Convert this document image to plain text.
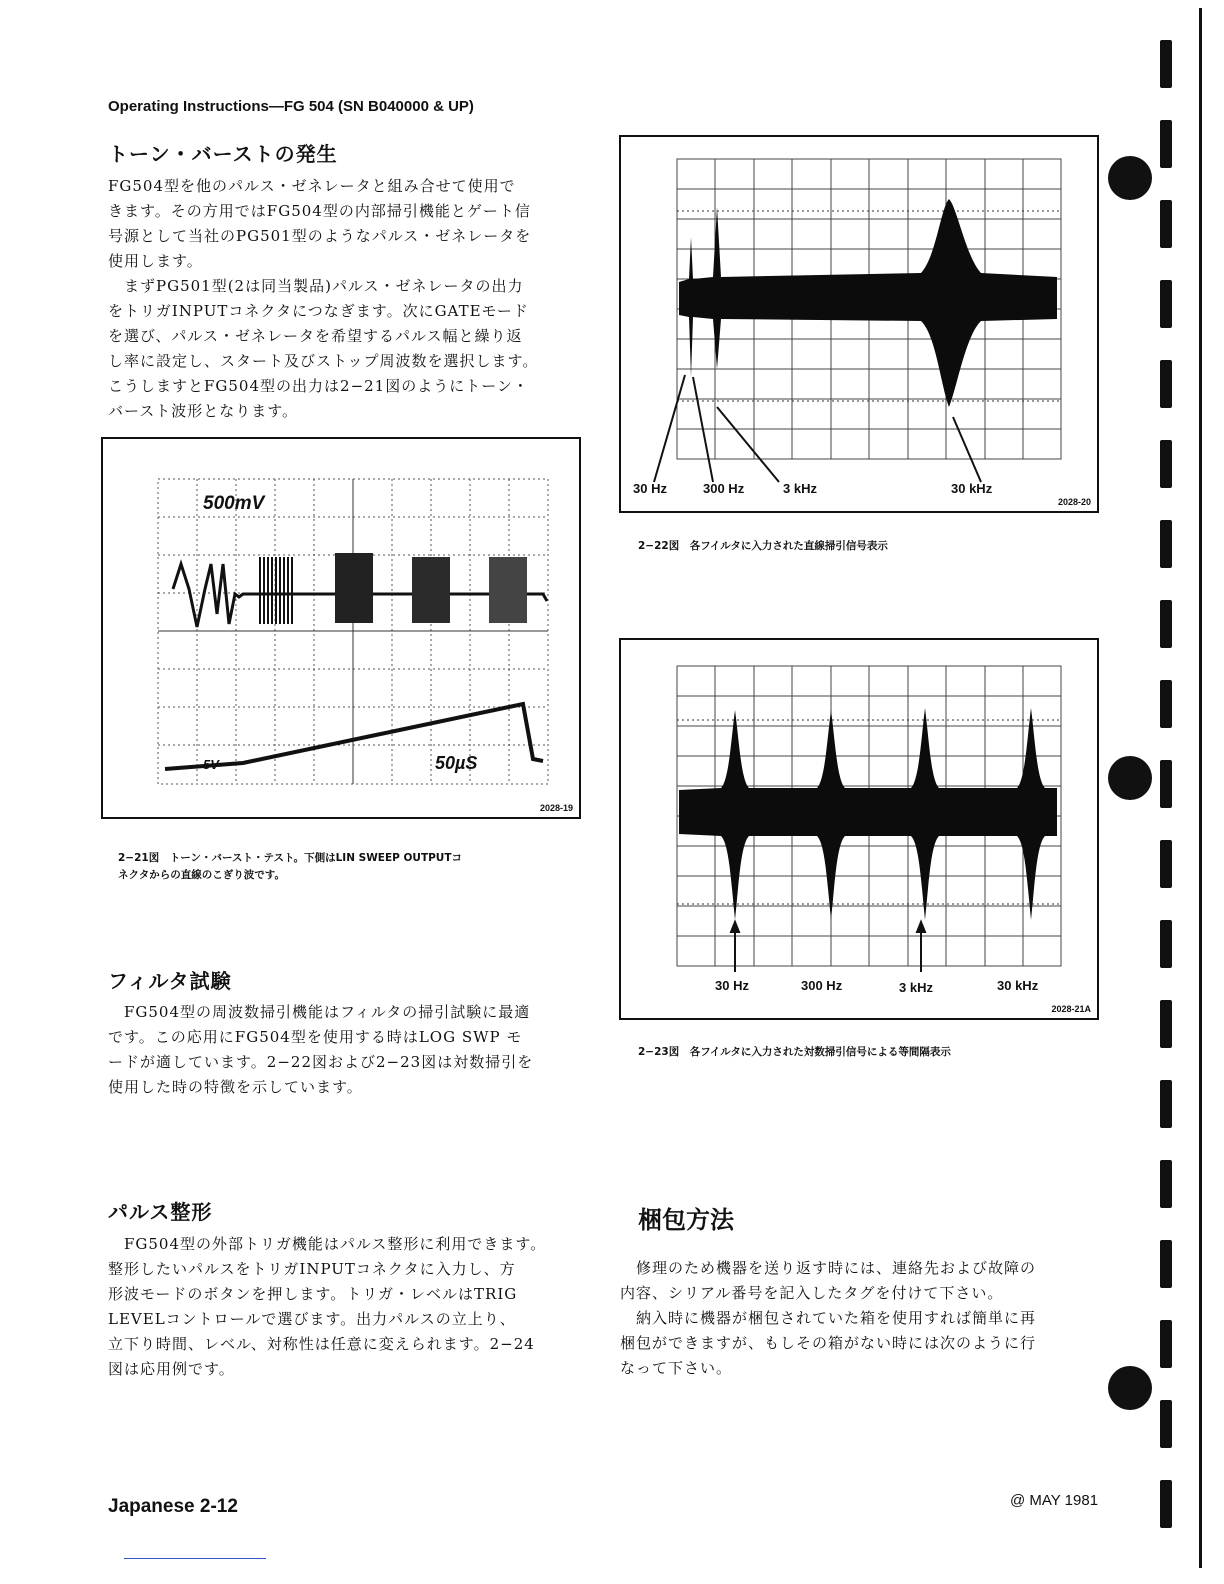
Operating Instructions—FG 504 (SN B040000 & UP)
トーン・バーストの発生
FG504型を他のパルス・ゼネレータと組み合せて使用で
きます。その方用ではFG504型の内部掃引機能とゲート信
号源として当社のPG501型のようなパルス・ゼネレータを
使用します。
　まずPG501型(2は同当製品)パルス・ゼネレータの出力
をトリガINPUTコネクタにつなぎます。次にGATEモード
を選び、パルス・ゼネレータを希望するパルス幅と繰り返
し率に設定し、スタート及びストップ周波数を選択します。
こうしますとFG504型の出力は2−21図のようにトーン・
バースト波形となります。
500mV
5V	50µS
2028-19
2−21図　トーン・バースト・テスト。下側はLIN SWEEP OUTPUTコ
ネクタからの直線のこぎり波です。
フィルタ試験
　FG504型の周波数掃引機能はフィルタの掃引試験に最適
です。この応用にFG504型を使用する時はLOG SWP モ
ードが適しています。2−22図および2−23図は対数掃引を
使用した時の特徴を示しています。
パルス整形
　FG504型の外部トリガ機能はパルス整形に利用できます。
整形したいパルスをトリガINPUTコネクタに入力し、方
形波モードのボタンを押します。トリガ・レベルはTRIG
LEVELコントロールで選びます。出力パルスの立上り、
立下り時間、レベル、対称性は任意に変えられます。2−24
図は応用例です。
30 Hz	300 Hz	3 kHz	30 kHz
2028-20
2−22図　各フイルタに入力された直線掃引信号表示
30 Hz	300 Hz	3 kHz	30 kHz
2028-21A
2−23図　各フイルタに入力された対数掃引信号による等間隔表示
梱包方法
　修理のため機器を送り返す時には、連絡先および故障の
内容、シリアル番号を記入したタグを付けて下さい。
　納入時に機器が梱包されていた箱を使用すれば簡単に再
梱包ができますが、もしその箱がない時には次のように行
なって下さい。
Japanese 2-12	@ MAY 1981
